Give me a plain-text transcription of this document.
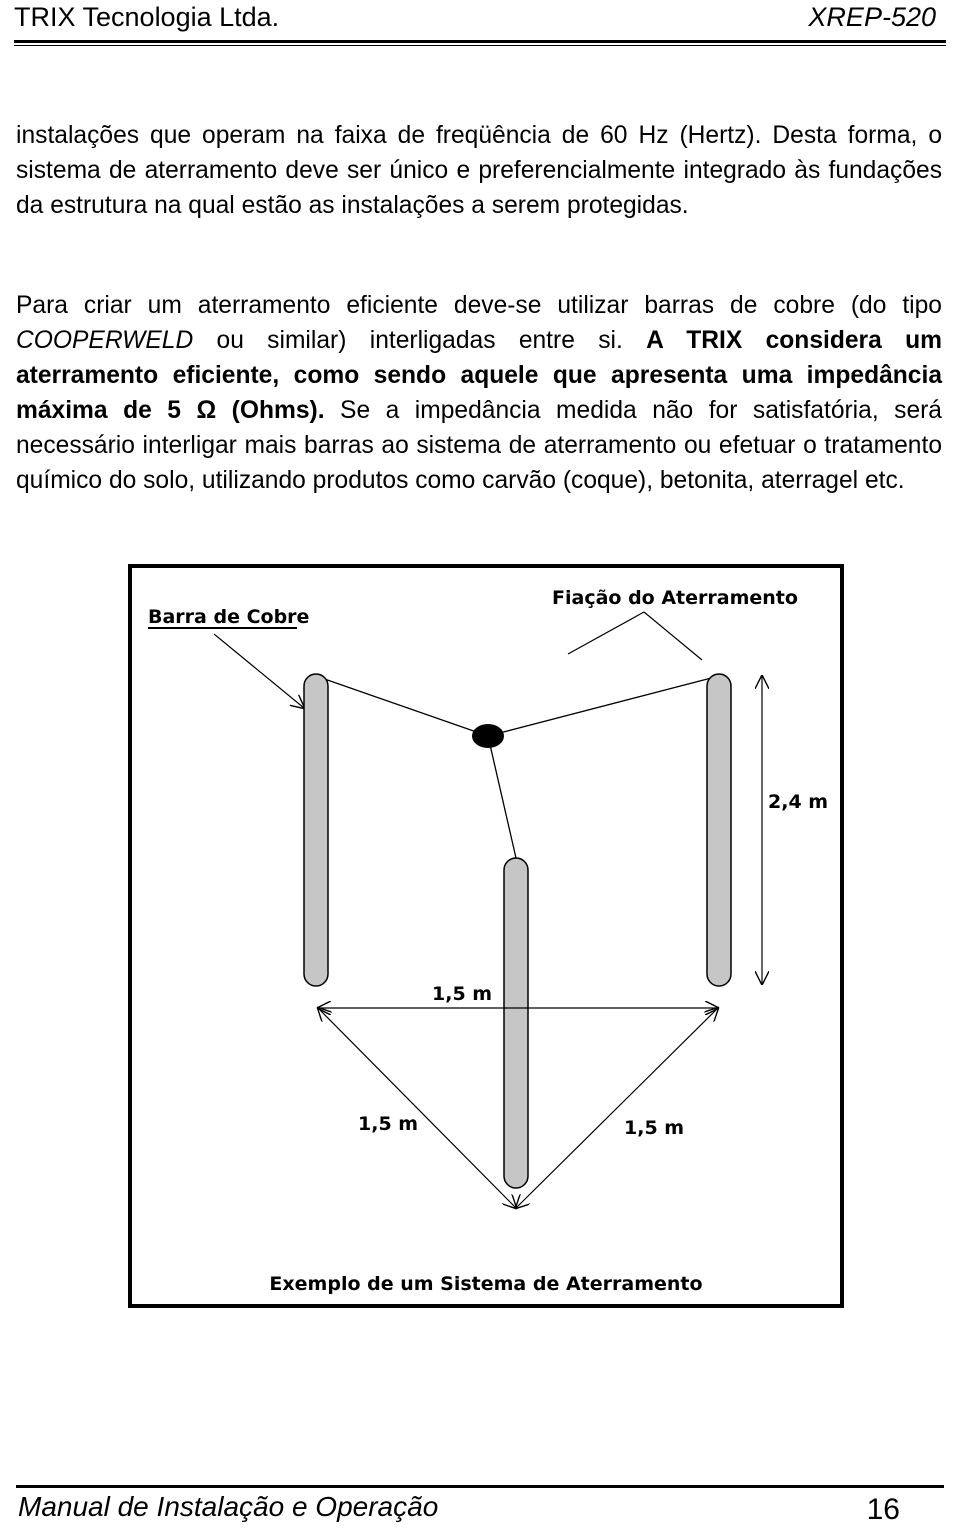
TRIX Tecnologia Ltda.	XREP-520

instalações que operam na faixa de freqüência de 60 Hz (Hertz). Desta forma, o sistema de aterramento deve ser único e preferencialmente integrado às fundações da estrutura na qual estão as instalações a serem protegidas.

Para criar um aterramento eficiente deve-se utilizar barras de cobre (do tipo COOPERWELD ou similar) interligadas entre si. A TRIX considera um aterramento eficiente, como sendo aquele que apresenta uma impedância máxima de 5 Ω (Ohms). Se a impedância medida não for satisfatória, será necessário interligar mais barras ao sistema de aterramento ou efetuar o tratamento químico do solo, utilizando produtos como carvão (coque), betonita, aterragel etc.

Barra de Cobre
Fiação do Aterramento
2,4 m
1,5 m
1,5 m	1,5 m
Exemplo de um Sistema de Aterramento
Manual de Instalação e Operação	16
